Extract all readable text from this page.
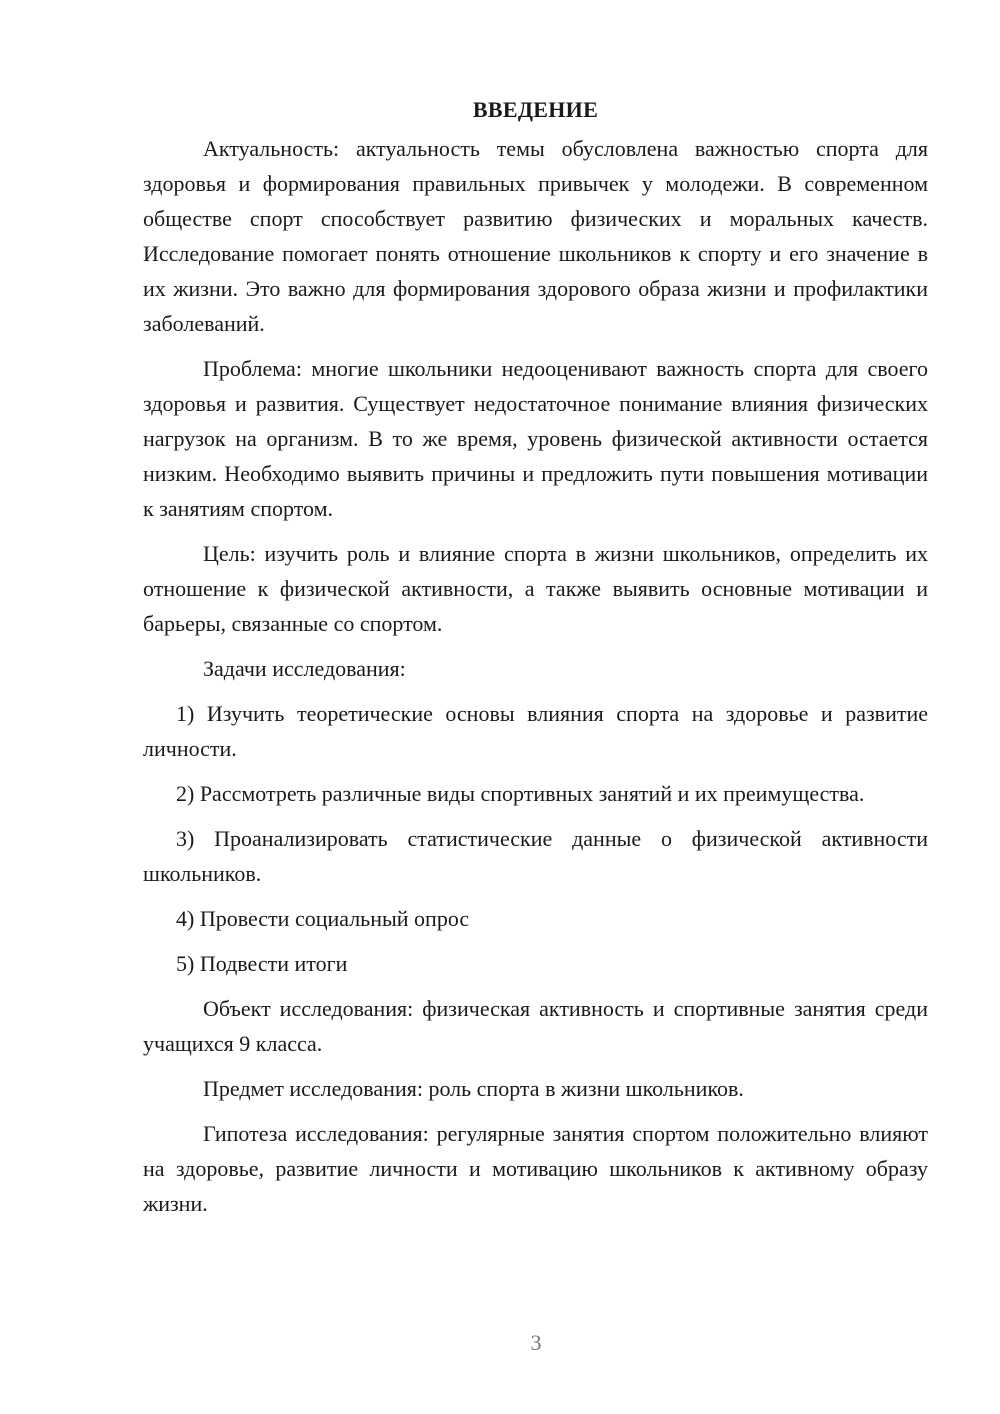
ВВЕДЕНИЕ

Актуальность: актуальность темы обусловлена важностью спорта для здоровья и формирования правильных привычек у молодежи. В современном обществе спорт способствует развитию физических и моральных качеств. Исследование помогает понять отношение школьников к спорту и его значение в их жизни. Это важно для формирования здорового образа жизни и профилактики заболеваний.

Проблема: многие школьники недооценивают важность спорта для своего здоровья и развития. Существует недостаточное понимание влияния физических нагрузок на организм. В то же время, уровень физической активности остается низким. Необходимо выявить причины и предложить пути повышения мотивации к занятиям спортом.

Цель: изучить роль и влияние спорта в жизни школьников, определить их отношение к физической активности, а также выявить основные мотивации и барьеры, связанные со спортом.

Задачи исследования:

1) Изучить теоретические основы влияния спорта на здоровье и развитие личности.

2) Рассмотреть различные виды спортивных занятий и их преимущества.

3) Проанализировать статистические данные о физической активности школьников.

4) Провести социальный опрос

5) Подвести итоги

Объект исследования: физическая активность и спортивные занятия среди учащихся 9 класса.

Предмет исследования: роль спорта в жизни школьников.

Гипотеза исследования: регулярные занятия спортом положительно влияют на здоровье, развитие личности и мотивацию школьников к активному образу жизни.

3
